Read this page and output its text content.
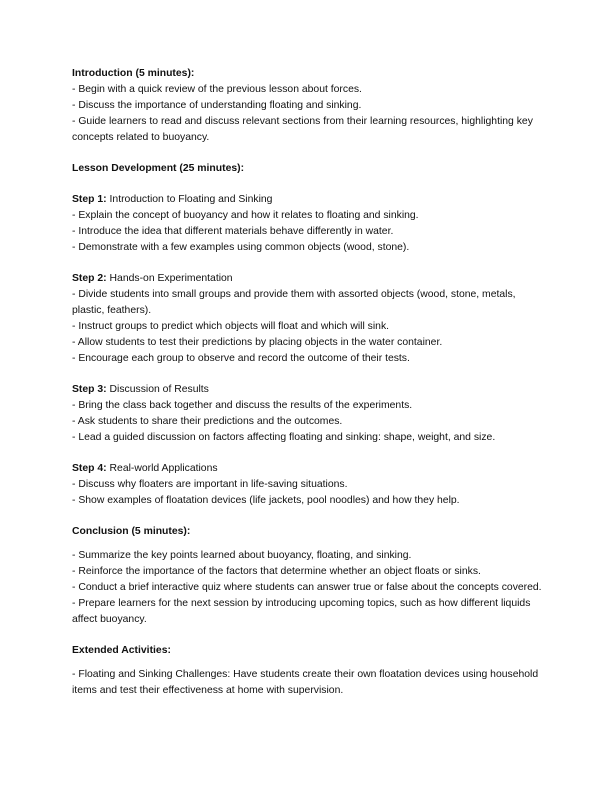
Introduction (5 minutes):

- Begin with a quick review of the previous lesson about forces.

- Discuss the importance of understanding floating and sinking.

- Guide learners to read and discuss relevant sections from their learning resources, highlighting key concepts related to buoyancy.

Lesson Development (25 minutes):

Step 1: Introduction to Floating and Sinking

- Explain the concept of buoyancy and how it relates to floating and sinking.

- Introduce the idea that different materials behave differently in water.

- Demonstrate with a few examples using common objects (wood, stone).

Step 2: Hands-on Experimentation

- Divide students into small groups and provide them with assorted objects (wood, stone, metals, plastic, feathers).

- Instruct groups to predict which objects will float and which will sink.

- Allow students to test their predictions by placing objects in the water container.

- Encourage each group to observe and record the outcome of their tests.

Step 3: Discussion of Results

- Bring the class back together and discuss the results of the experiments.

- Ask students to share their predictions and the outcomes.

- Lead a guided discussion on factors affecting floating and sinking: shape, weight, and size.

Step 4: Real-world Applications

- Discuss why floaters are important in life-saving situations.

- Show examples of floatation devices (life jackets, pool noodles) and how they help.

Conclusion (5 minutes):

- Summarize the key points learned about buoyancy, floating, and sinking.

- Reinforce the importance of the factors that determine whether an object floats or sinks.

- Conduct a brief interactive quiz where students can answer true or false about the concepts covered.

- Prepare learners for the next session by introducing upcoming topics, such as how different liquids affect buoyancy.

Extended Activities:

- Floating and Sinking Challenges: Have students create their own floatation devices using household items and test their effectiveness at home with supervision.
